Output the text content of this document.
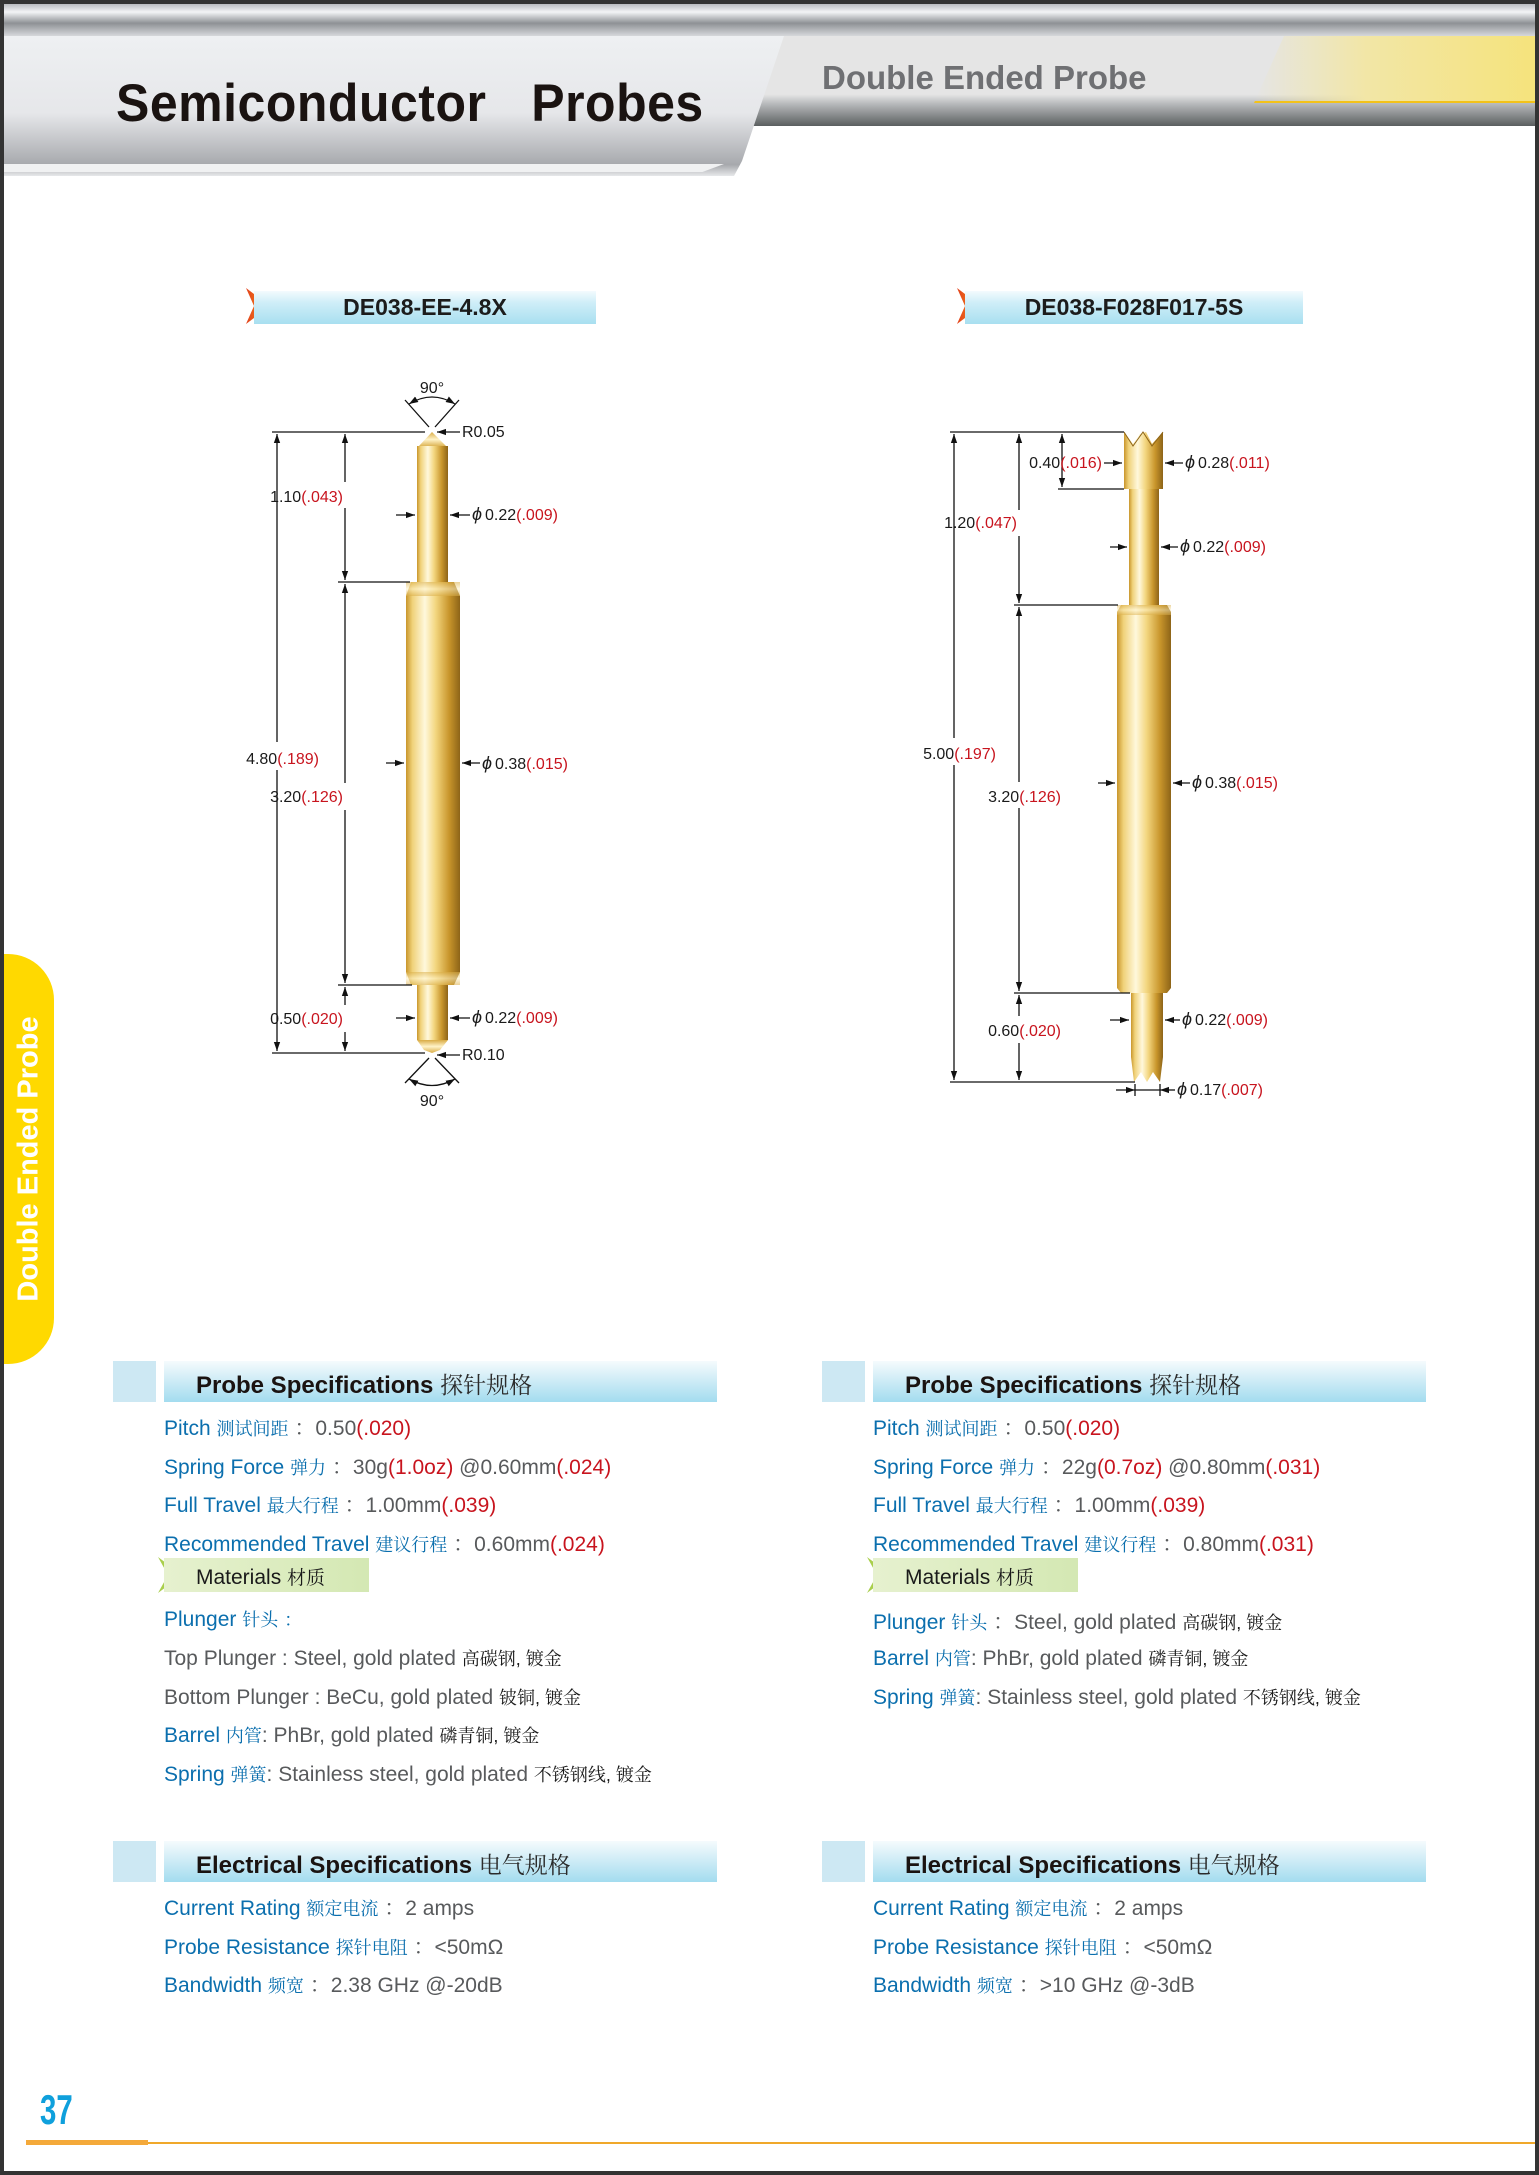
Semiconductor  Probes	Double Ended Probe
Double Ended Probe
DE038-EE-4.8X	DE038-F028F017-5S
90°
R0.05
1.10(.043)
ϕ 0.22(.009)
4.80(.189)
3.20(.126)
ϕ 0.38(.015)
0.50(.020)	ϕ 0.22(.009)
R0.10
90°
0.40(.016)	ϕ 0.28(.011)
1.20(.047)
ϕ 0.22(.009)
5.00(.197)
3.20(.126)
ϕ 0.38(.015)
0.60(.020)
ϕ 0.22(.009)
ϕ 0.17(.007)
Probe Specifications 探针规格
Pitch 测试间距 ：0.50(.020)
Spring Force 弹力 ：30g(1.0oz) @0.60mm(.024)
Full Travel 最大行程 ：1.00mm(.039)
Recommended Travel 建议行程 ：0.60mm(.024)
Materials 材质
Plunger 针头 ：
Top Plunger : Steel, gold plated 高碳钢, 镀金
Bottom Plunger : BeCu, gold plated 铍铜, 镀金
Barrel 内管: PhBr, gold plated 磷青铜, 镀金
Spring 弹簧: Stainless steel, gold plated 不锈钢线, 镀金
Electrical Specifications 电气规格
Current Rating 额定电流 ：2 amps
Probe Resistance 探针电阻 ：<50mΩ
Bandwidth 频宽 ：2.38 GHz @-20dB
Probe Specifications 探针规格
Pitch 测试间距 ：0.50(.020)
Spring Force 弹力 ：22g(0.7oz) @0.80mm(.031)
Full Travel 最大行程 ：1.00mm(.039)
Recommended Travel 建议行程 ：0.80mm(.031)
Materials 材质
Plunger 针头 ：Steel, gold plated 高碳钢, 镀金
Barrel 内管: PhBr, gold plated 磷青铜, 镀金
Spring 弹簧: Stainless steel, gold plated 不锈钢线, 镀金
Electrical Specifications 电气规格
Current Rating 额定电流 ：2 amps
Probe Resistance 探针电阻 ：<50mΩ
Bandwidth 频宽 ：>10 GHz @-3dB
37
